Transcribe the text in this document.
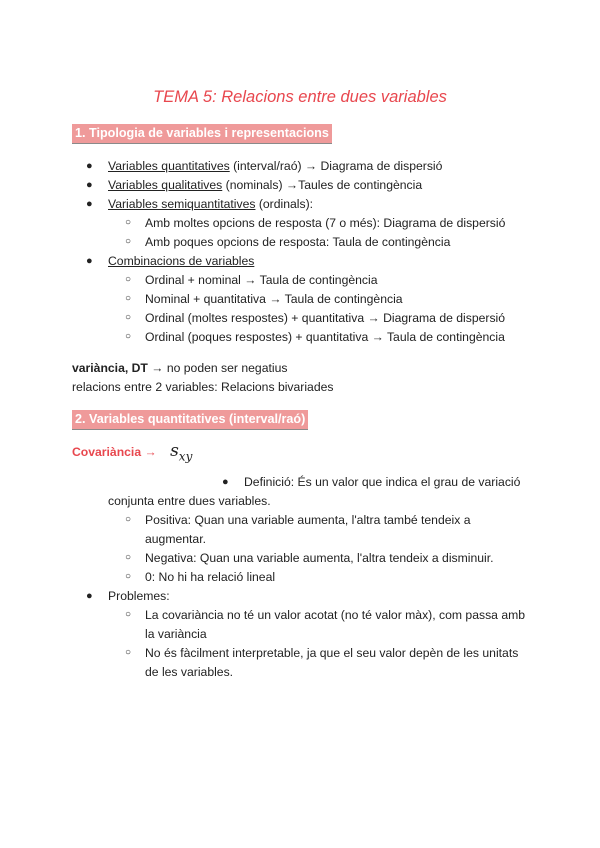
TEMA 5: Relacions entre dues variables
1. Tipologia de variables i representacions
● Variables quantitatives (interval/raó) → Diagrama de dispersió
● Variables qualitatives (nominals) →Taules de contingència
● Variables semiquantitatives (ordinals):
○ Amb moltes opcions de resposta (7 o més): Diagrama de dispersió
○ Amb poques opcions de resposta: Taula de contingència
● Combinacions de variables
○ Ordinal + nominal → Taula de contingència
○ Nominal + quantitativa → Taula de contingència
○ Ordinal (moltes respostes) + quantitativa → Diagrama de dispersió
○ Ordinal (poques respostes) + quantitativa → Taula de contingència
variància, DT → no poden ser negatius
relacions entre 2 variables: Relacions bivariades
2. Variables quantitatives (interval/raó)
Covariància → $s_{xy}$
● Definició: És un valor que indica el grau de variació
conjunta entre dues variables.
○ Positiva: Quan una variable aumenta, l'altra també tendeix a
augmentar.
○ Negativa: Quan una variable aumenta, l'altra tendeix a disminuir.
○ 0: No hi ha relació lineal
● Problemes:
○ La covariància no té un valor acotat (no té valor màx), com passa amb
la variància
○ No és fàcilment interpretable, ja que el seu valor depèn de les unitats
de les variables.
